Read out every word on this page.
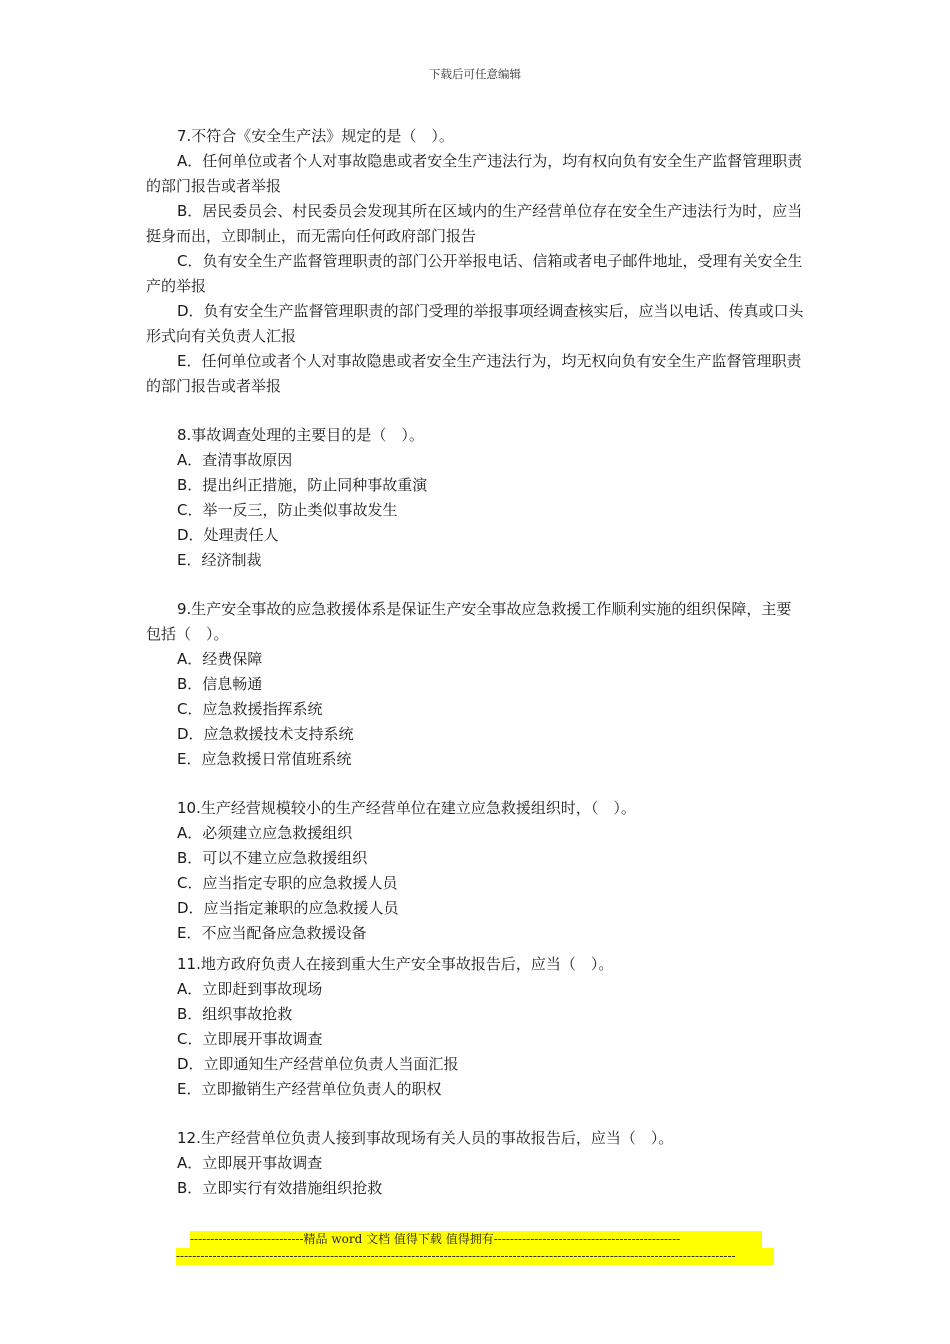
下载后可任意编辑

7.不符合《安全生产法》规定的是（　）。

A．任何单位或者个人对事故隐患或者安全生产违法行为，均有权向负有安全生产监督管理职责的部门报告或者举报

B．居民委员会、村民委员会发现其所在区域内的生产经营单位存在安全生产违法行为时，应当挺身而出，立即制止，而无需向任何政府部门报告

C．负有安全生产监督管理职责的部门公开举报电话、信箱或者电子邮件地址，受理有关安全生产的举报

D．负有安全生产监督管理职责的部门受理的举报事项经调查核实后，应当以电话、传真或口头形式向有关负责人汇报

E．任何单位或者个人对事故隐患或者安全生产违法行为，均无权向负有安全生产监督管理职责的部门报告或者举报

8.事故调查处理的主要目的是（　）。

A．查清事故原因

B．提出纠正措施，防止同种事故重演

C．举一反三，防止类似事故发生

D．处理责任人

E．经济制裁

9.生产安全事故的应急救援体系是保证生产安全事故应急救援工作顺利实施的组织保障，主要包括（　）。

A．经费保障

B．信息畅通

C．应急救援指挥系统

D．应急救援技术支持系统

E．应急救援日常值班系统

10.生产经营规模较小的生产经营单位在建立应急救援组织时，（　）。

A．必须建立应急救援组织

B．可以不建立应急救援组织

C．应当指定专职的应急救援人员

D．应当指定兼职的应急救援人员

E．不应当配备应急救援设备

11.地方政府负责人在接到重大生产安全事故报告后，应当（　）。

A．立即赶到事故现场

B．组织事故抢救

C．立即展开事故调查

D．立即通知生产经营单位负责人当面汇报

E．立即撤销生产经营单位负责人的职权

12.生产经营单位负责人接到事故现场有关人员的事故报告后，应当（　）。

A．立即展开事故调查

B．立即实行有效措施组织抢救

----------------------------精品 word 文档 值得下载 值得拥有----------------------------------------------
------------------------------------------------------------------------------------------------------------------------------------------
